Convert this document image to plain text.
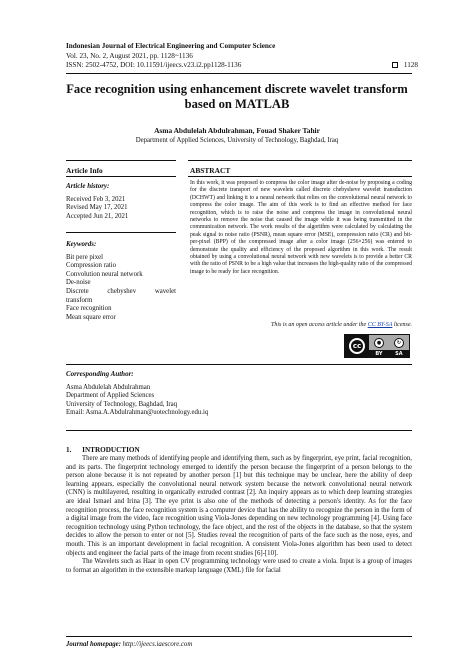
Indonesian Journal of Electrical Engineering and Computer Science
Vol. 23, No. 2, August 2021, pp. 1128~1136
ISSN: 2502-4752, DOI: 10.11591/ijeecs.v23.i2.pp1128-1136	1128
Face recognition using enhancement discrete wavelet transform based on MATLAB
Asma Abdulelah Abdulrahman, Fouad Shaker Tahir
Department of Applied Sciences, University of Technology, Baghdad, Iraq
Article Info
Article history:
Received Feb 3, 2021
Revised May 17, 2021
Accepted Jun 21, 2021
Keywords:
Bit pere pixel
Compression ratio
Convolution neural network
De-noise
Discrete chebyshev wavelet
transform
Face recognition
Mean square error
ABSTRACT
In this work, it was proposed to compress the color image after de-noise by proposing a coding for the discrete transport of new wavelets called discrete chebysheve wavelet transduction (DCHWT) and linking it to a neural network that relies on the convolutional neural network to compress the color image. The aim of this work is to find an effective method for face recognition, which is to raise the noise and compress the image in convolutional neural networks to remove the noise that caused the image while it was being transmitted in the communication network. The work results of the algorithm were calculated by calculating the peak signal to noise ratio (PSNR), mean square error (MSE), compression ratio (CR) and bit-per-pixel (BPP) of the compressed image after a color image (256×256) was entered to demonstrate the quality and efficiency of the proposed algorithm in this work. The result obtained by using a convolutional neural network with new wavelets is to provide a better CR with the ratio of PSNR to be a high value that increases the high-quality ratio of the compressed image to be ready for face recognition.
This is an open access article under the CC BY-SA license.
cc	●	↻
BY	SA
Corresponding Author:
Asma Abdulelah Abdulrahman
Department of Applied Sciences
University of Technology, Baghdad, Iraq
Email: Asma.A.Abdulrahman@uotechnology.edu.iq
1.      INTRODUCTION

There are many methods of identifying people and identifying them, such as by fingerprint, eye print, facial recognition, and its parts. The fingerprint technology emerged to identify the person because the fingerprint of a person belongs to the person alone because it is not repeated by another person [1] but this technique may be unclear, here the ability of deep learning appears, especially the convolutional neural network system because the network convolutional neural network (CNN) is multilayered, resulting in organically extruded contrast [2]. An inquiry appears as to which deep learning strategies are ideal Ismael and Irina [3]. The eye print is also one of the methods of detecting a person's identity. As for the face recognition process, the face recognition system is a computer device that has the ability to recognize the person in the form of a digital image from the video, face recognition using Viola-Jones depending on new technology programming [4]. Using face recognition technology using Python technology, the face object, and the rest of the objects in the database, so that the system decides to allow the person to enter or not [5]. Studies reveal the recognition of parts of the face such as the nose, eyes, and mouth. This is an important development in facial recognition. A consistent Viola-Jones algorithm has been used to detect objects and engineer the facial parts of the image from recent studies [6]-[10].

The Wavelets such as Haar in open CV programming technology were used to create a viola. Input is a group of images to format an algorithm in the extensible markup language (XML) file for facial

Journal homepage: http://ijeecs.iaescore.com
